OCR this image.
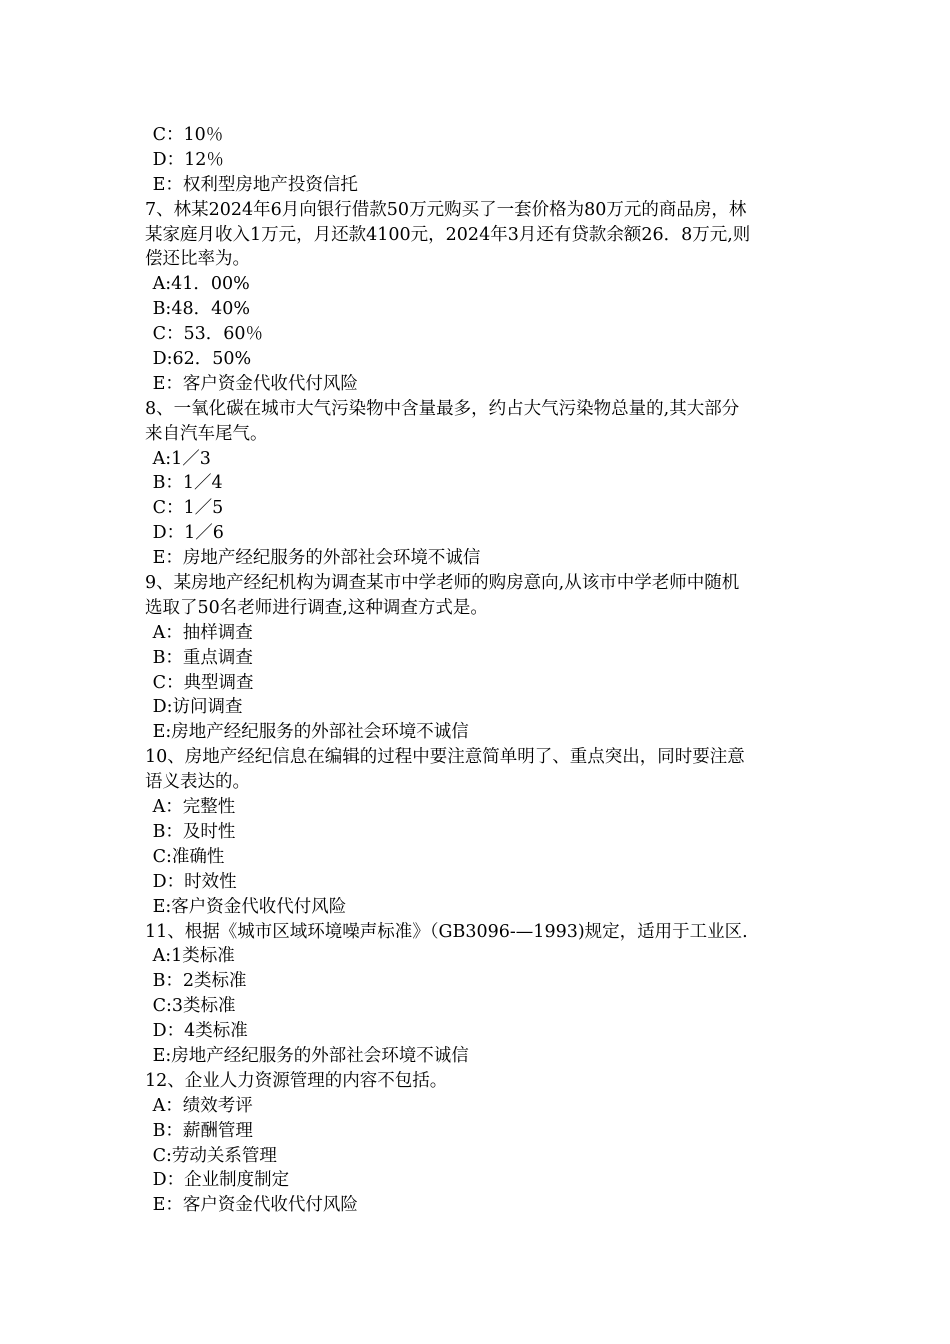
C：10％

D：12％

E：权利型房地产投资信托

7、林某2024年6月向银行借款50万元购买了一套价格为80万元的商品房，林

某家庭月收入1万元，月还款4100元，2024年3月还有贷款余额26．8万元,则

偿还比率为。

A:41．00%

B:48．40%

C：53．60％

D:62．50%

E：客户资金代收代付风险

8、一氧化碳在城市大气污染物中含量最多，约占大气污染物总量的,其大部分

来自汽车尾气。

A:1／3

B：1／4

C：1／5

D：1／6

E：房地产经纪服务的外部社会环境不诚信

9、某房地产经纪机构为调查某市中学老师的购房意向,从该市中学老师中随机

选取了50名老师进行调查,这种调查方式是。

A：抽样调查

B：重点调查

C：典型调查

D:访问调查

E:房地产经纪服务的外部社会环境不诚信

10、房地产经纪信息在编辑的过程中要注意简单明了、重点突出，同时要注意

语义表达的。

A：完整性

B：及时性

C:准确性

D：时效性

E:客户资金代收代付风险

11、根据《城市区域环境噪声标准》（GB3096-—1993)规定，适用于工业区.

A:1类标准

B：2类标准

C:3类标准

D：4类标准

E:房地产经纪服务的外部社会环境不诚信

12、企业人力资源管理的内容不包括。

A：绩效考评

B：薪酬管理

C:劳动关系管理

D：企业制度制定

E：客户资金代收代付风险
